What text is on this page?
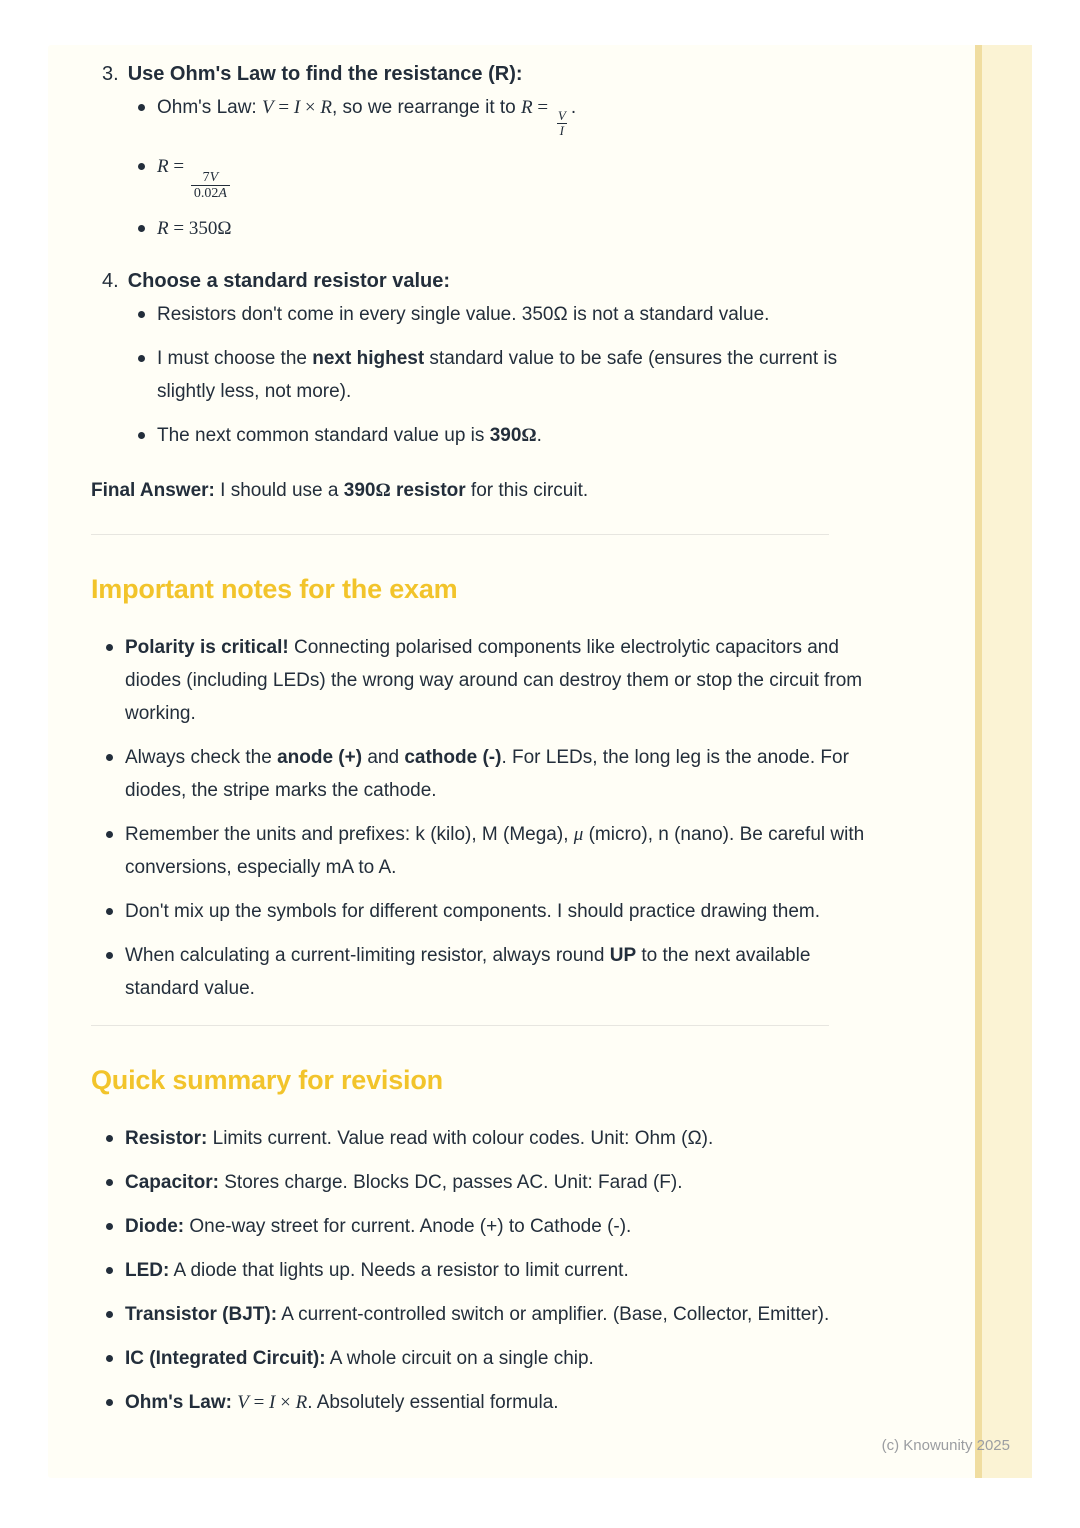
3. Use Ohm's Law to find the resistance (R):
Ohm's Law: V = I × R, so we rearrange it to R =
$\frac{V}{I}$
.
R =
$\frac{7V}{0.02A}$
R = 350Ω
4. Choose a standard resistor value:
Resistors don't come in every single value. 350Ω is not a standard value.
I must choose the next highest standard value to be safe (ensures the current is slightly less, not more).
The next common standard value up is 390Ω.

Final Answer: I should use a 390Ω resistor for this circuit.

Important notes for the exam
Polarity is critical! Connecting polarised components like electrolytic capacitors and diodes (including LEDs) the wrong way around can destroy them or stop the circuit from working.
Always check the anode (+) and cathode (-). For LEDs, the long leg is the anode. For diodes, the stripe marks the cathode.
Remember the units and prefixes: k (kilo), M (Mega), μ (micro), n (nano). Be careful with conversions, especially mA to A.
Don't mix up the symbols for different components. I should practice drawing them.
When calculating a current-limiting resistor, always round UP to the next available standard value.
Quick summary for revision
Resistor: Limits current. Value read with colour codes. Unit: Ohm (Ω).
Capacitor: Stores charge. Blocks DC, passes AC. Unit: Farad (F).
Diode: One-way street for current. Anode (+) to Cathode (-).
LED: A diode that lights up. Needs a resistor to limit current.
Transistor (BJT): A current-controlled switch or amplifier. (Base, Collector, Emitter).
IC (Integrated Circuit): A whole circuit on a single chip.
Ohm's Law: V = I × R. Absolutely essential formula.
(c) Knowunity 2025
